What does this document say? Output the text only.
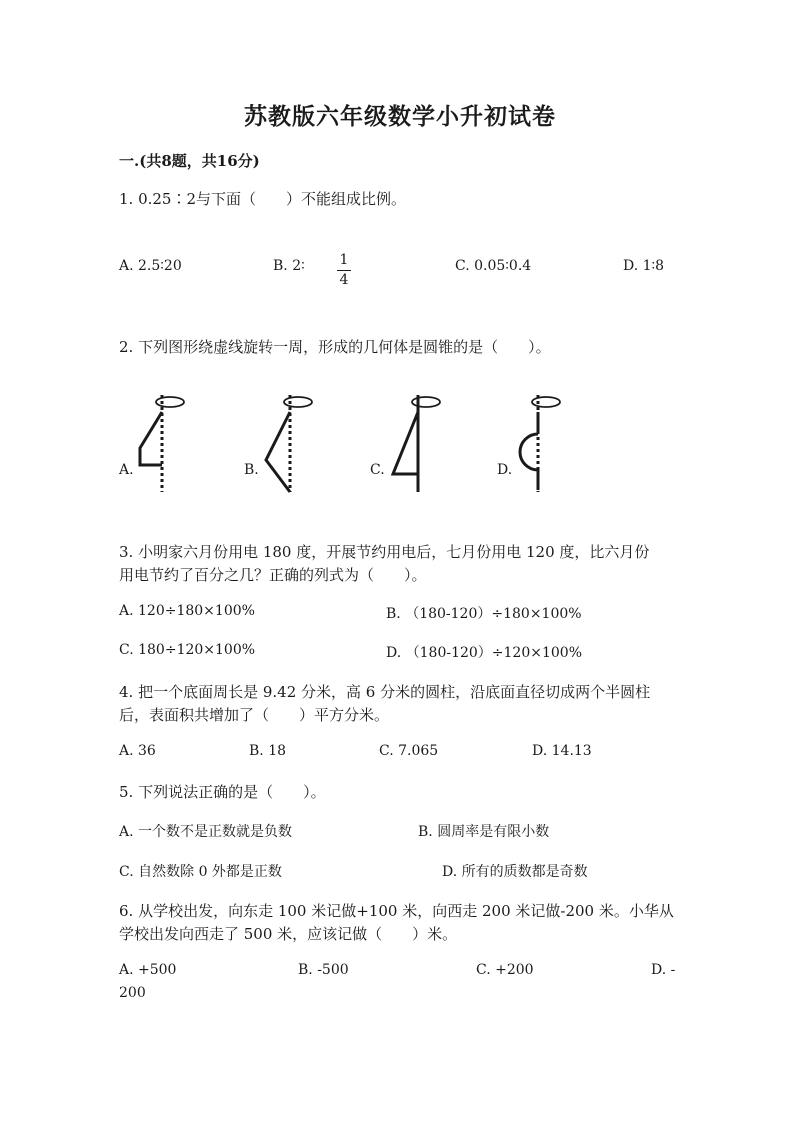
苏教版六年级数学小升初试卷
一.(共8题，共16分)
1. 0.25∶2与下面（　　）不能组成比例。
A. 2.5∶20	B. 2∶ 1
4
C. 0.05∶0.4	D. 1∶8
2. 下列图形绕虚线旋转一周，形成的几何体是圆锥的是（　　）。
A.	B.	C.	D.
3. 小明家六月份用电 180 度，开展节约用电后，七月份用电 120 度，比六月份
用电节约了百分之几？正确的列式为（　　）。
A. 120÷180×100%	B. （180-120）÷180×100%
C. 180÷120×100%	D. （180-120）÷120×100%
4. 把一个底面周长是 9.42 分米，高 6 分米的圆柱，沿底面直径切成两个半圆柱
后，表面积共增加了（　　）平方分米。
A. 36	B. 18	C. 7.065	D. 14.13
5. 下列说法正确的是（　　）。
A. 一个数不是正数就是负数	B. 圆周率是有限小数
C. 自然数除 0 外都是正数	D. 所有的质数都是奇数
6. 从学校出发，向东走 100 米记做+100 米，向西走 200 米记做-200 米。小华从
学校出发向西走了 500 米，应该记做（　　）米。
A. +500	B. -500	C. +200	D. -
200
